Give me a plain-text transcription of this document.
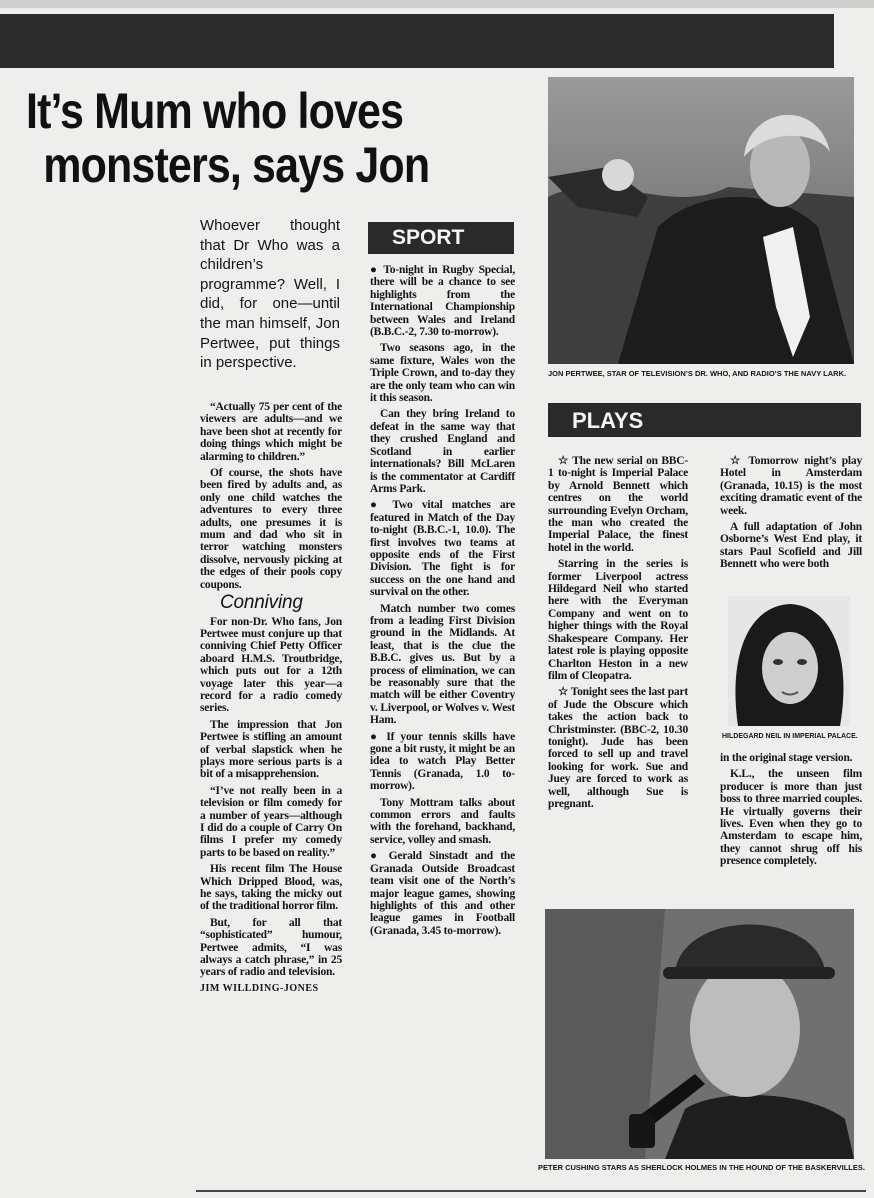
It’s Mum who loves
monsters, says Jon
JON PERTWEE, STAR OF TELEVISION’S DR. WHO, AND RADIO’S THE NAVY LARK.
PLAYS
Whoever thought that Dr Who was a children’s programme? Well, I did, for one—until the man himself, Jon Pertwee, put things in perspective.

“Actually 75 per cent of the viewers are adults—and we have been shot at recently for doing things which might be alarming to children.”

Of course, the shots have been fired by adults and, as only one child watches the adventures to every three adults, one presumes it is mum and dad who sit in terror watching monsters dissolve, nervously picking at the edges of their pools copy coupons.

Conniving

For non-Dr. Who fans, Jon Pertwee must conjure up that conniving Chief Petty Officer aboard H.M.S. Troutbridge, which puts out for a 12th voyage later this year—a record for a radio comedy series.

The impression that Jon Pertwee is stifling an amount of verbal slapstick when he plays more serious parts is a bit of a misapprehension.

“I’ve not really been in a television or film comedy for a number of years—although I did do a couple of Carry On films I prefer my comedy parts to be based on reality.”

His recent film The House Which Dripped Blood, was, he says, taking the micky out of the traditional horror film.

But, for all that “sophisticated” humour, Pertwee admits, “I was always a catch phrase,” in 25 years of radio and television.

JIM WILLDING-JONES

SPORT

● To-night in Rugby Special, there will be a chance to see highlights from the International Championship between Wales and Ireland (B.B.C.-2, 7.30 to-morrow).

Two seasons ago, in the same fixture, Wales won the Triple Crown, and to-day they are the only team who can win it this season.

Can they bring Ireland to defeat in the same way that they crushed England and Scotland in earlier internationals? Bill McLaren is the commentator at Cardiff Arms Park.

● Two vital matches are featured in Match of the Day to-night (B.B.C.-1, 10.0). The first involves two teams at opposite ends of the First Division. The fight is for success on the one hand and survival on the other.

Match number two comes from a leading First Division ground in the Midlands. At least, that is the clue the B.B.C. gives us. But by a process of elimination, we can be reasonably sure that the match will be either Coventry v. Liverpool, or Wolves v. West Ham.

● If your tennis skills have gone a bit rusty, it might be an idea to watch Play Better Tennis (Granada, 1.0 to-morrow).

Tony Mottram talks about common errors and faults with the forehand, backhand, service, volley and smash.

● Gerald Sinstadt and the Granada Outside Broadcast team visit one of the North’s major league games, showing highlights of this and other league games in Football (Granada, 3.45 to-morrow).

☆ The new serial on BBC-1 to-night is Imperial Palace by Arnold Bennett which centres on the world surrounding Evelyn Orcham, the man who created the Imperial Palace, the finest hotel in the world.

Starring in the series is former Liverpool actress Hildegard Neil who started here with the Everyman Company and went on to higher things with the Royal Shakespeare Company. Her latest role is playing opposite Charlton Heston in a new film of Cleopatra.

☆ Tonight sees the last part of Jude the Obscure which takes the action back to Christminster. (BBC-2, 10.30 tonight). Jude has been forced to sell up and travel looking for work. Sue and Juey are forced to work as well, although Sue is pregnant.

☆ Tomorrow night’s play Hotel in Amsterdam (Granada, 10.15) is the most exciting dramatic event of the week.

A full adaptation of John Osborne’s West End play, it stars Paul Scofield and Jill Bennett who were both

HILDEGARD NEIL IN IMPERIAL PALACE.

in the original stage version.

K.L., the unseen film producer is more than just boss to three married couples. He virtually governs their lives. Even when they go to Amsterdam to escape him, they cannot shrug off his presence completely.

PETER CUSHING STARS AS SHERLOCK HOLMES IN THE HOUND OF THE BASKERVILLES.
